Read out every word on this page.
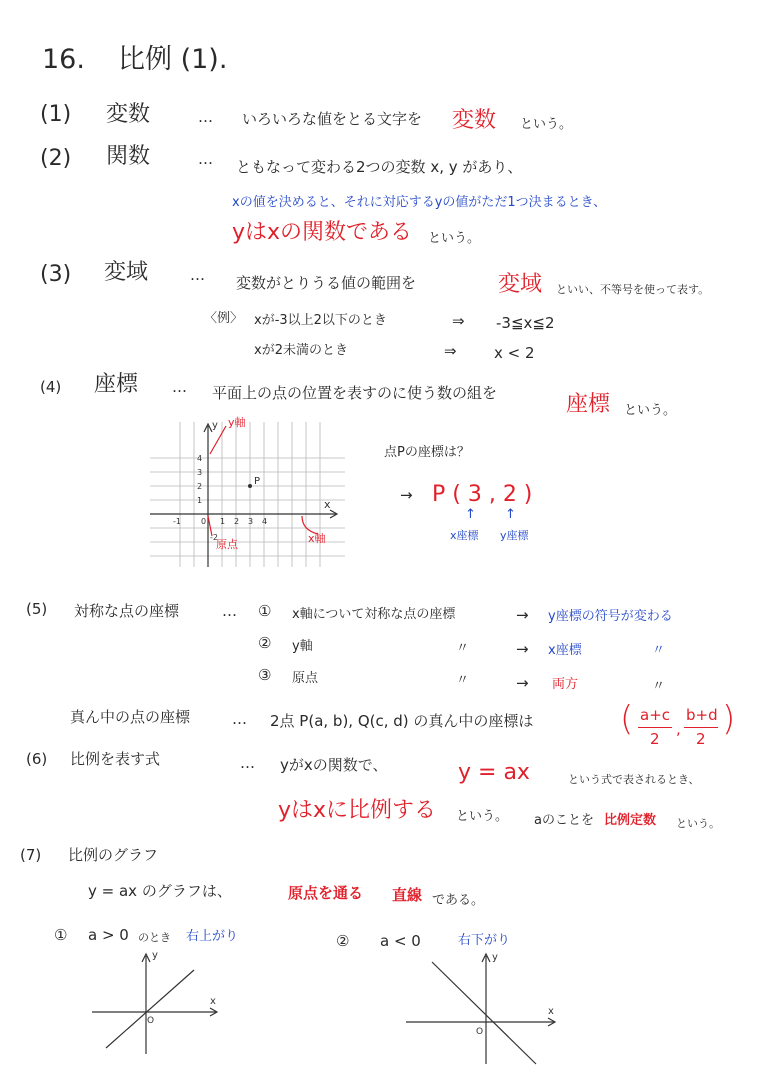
16. 比例 (1).
(1) 変数	… いろいろな値をとる文字を 変数 という。
(2) 関数	… ともなって変わる2つの変数 x, y があり、
xの値を決めると、それに対応するyの値がただ1つ決まるとき、
yはxの関数である という。
(3) 変域	… 変数がとりうる値の範囲を	変域 といい、不等号を使って表す。
〈例〉 xが-3以上2以下のとき	⇒ -3≦x≦2
xが2未満のとき	⇒ x < 2
(4) 座標 … 平面上の点の位置を表すのに使う数の組を	座標 という。
y
x
y軸
P
4
3
2
1
-1	0 1 2 3 4
-2
原点	x軸
点Pの座標は？
→ P ( 3 , 2 )
↑ ↑
x座標 y座標
(5) 対称な点の座標	… ① x軸について対称な点の座標	→ y座標の符号が変わる
② y軸	〃	→ x座標	〃
③ 原点	〃	→ 両方	〃
真ん中の点の座標	… 2点 P(a, b), Q(c, d) の真ん中の座標は	( a+c
2
,
b+d
2 )
(6) 比例を表す式	… yがxの関数で、	y = ax	という式で表されるとき、
yはxに比例する という。 aのことを 比例定数 という。
(7) 比例のグラフ
y = ax のグラフは、	原点を通る 直線 である。
① a > 0 のとき 右上がり	② a < 0	右下がり
y
x
O
y
x
O
